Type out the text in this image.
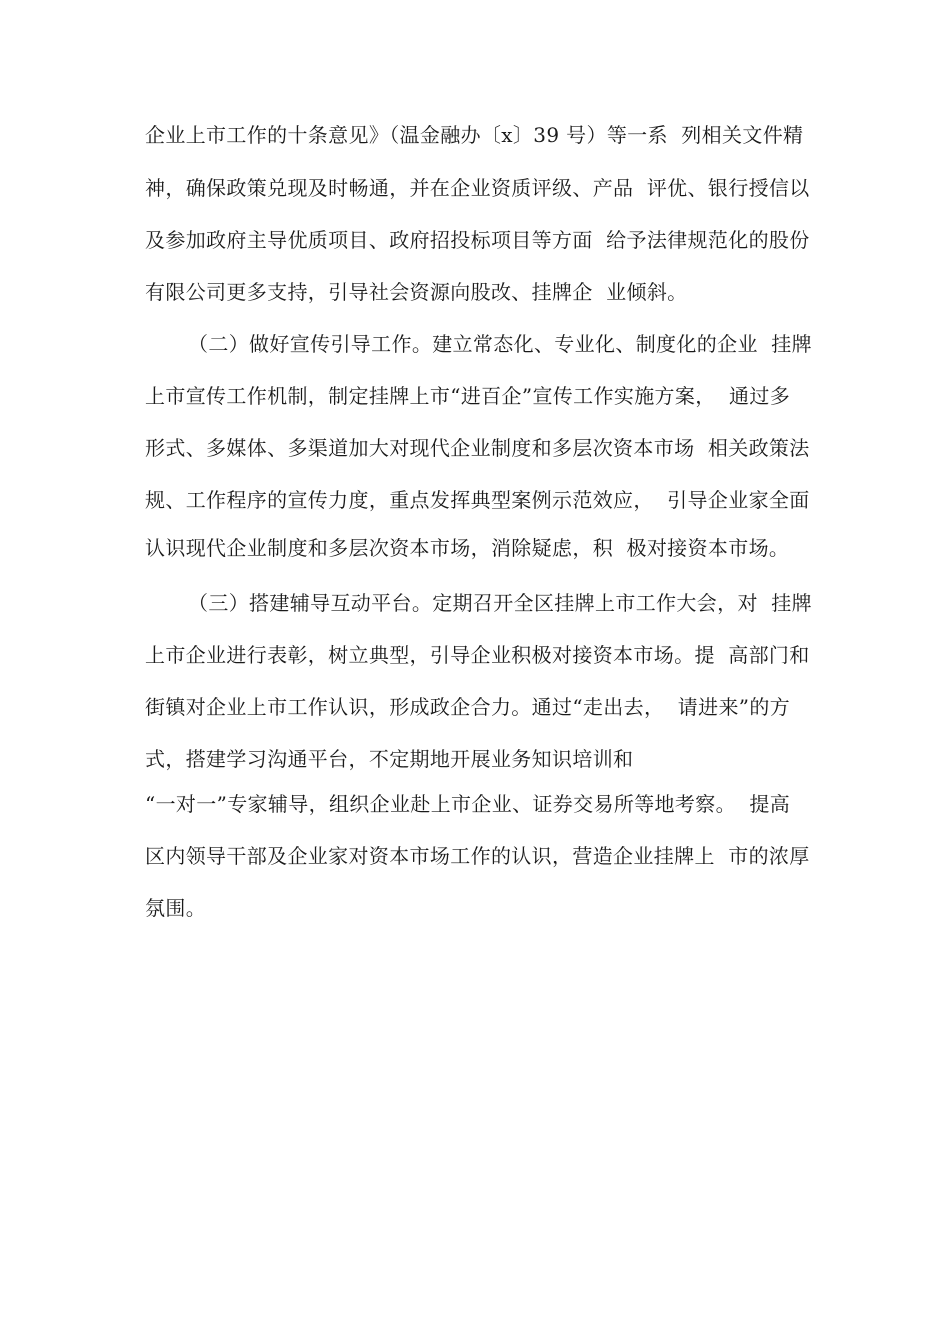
企业上市工作的十条意见》（温金融办〔x〕39 号）等一系  列相关文件精
神，确保政策兑现及时畅通，并在企业资质评级、产品  评优、银行授信以
及参加政府主导优质项目、政府招投标项目等方面  给予法律规范化的股份
有限公司更多支持，引导社会资源向股改、挂牌企  业倾斜。
（二）做好宣传引导工作。建立常态化、专业化、制度化的企业  挂牌
上市宣传工作机制，制定挂牌上市“进百企”宣传工作实施方案，  通过多
形式、多媒体、多渠道加大对现代企业制度和多层次资本市场  相关政策法
规、工作程序的宣传力度，重点发挥典型案例示范效应，  引导企业家全面
认识现代企业制度和多层次资本市场，消除疑虑，积  极对接资本市场。
（三）搭建辅导互动平台。定期召开全区挂牌上市工作大会，对  挂牌
上市企业进行表彰，树立典型，引导企业积极对接资本市场。提  高部门和
街镇对企业上市工作认识，形成政企合力。通过“走出去，  请进来”的方
式，搭建学习沟通平台，不定期地开展业务知识培训和
“一对一”专家辅导，组织企业赴上市企业、证券交易所等地考察。  提高
区内领导干部及企业家对资本市场工作的认识，营造企业挂牌上  市的浓厚
氛围。
